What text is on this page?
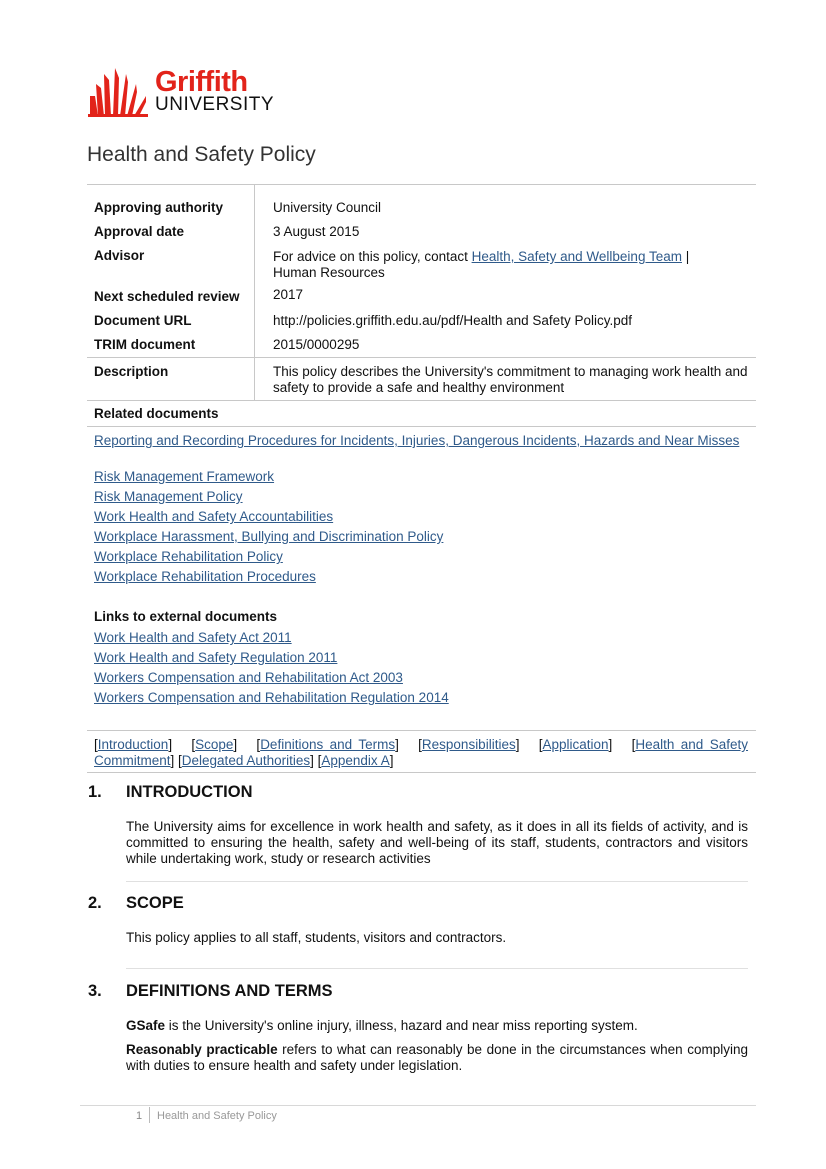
Griffith
UNIVERSITY
Health and Safety Policy
Approving authority	University Council
Approval date	3 August 2015
Advisor	For advice on this policy, contact Health, Safety and Wellbeing Team | Human Resources
Next scheduled review 2017
Document URL	http://policies.griffith.edu.au/pdf/Health and Safety Policy.pdf
TRIM document	2015/0000295
Description	This policy describes the University's commitment to managing work health and safety to provide a safe and healthy environment
Related documents
Reporting and Recording Procedures for Incidents, Injuries, Dangerous Incidents, Hazards and Near Misses
Risk Management Framework
Risk Management Policy
Work Health and Safety Accountabilities
Workplace Harassment, Bullying and Discrimination Policy
Workplace Rehabilitation Policy
Workplace Rehabilitation Procedures
Links to external documents
Work Health and Safety Act 2011
Work Health and Safety Regulation 2011
Workers Compensation and Rehabilitation Act 2003
Workers Compensation and Rehabilitation Regulation 2014
[Introduction]   [Scope]   [Definitions and Terms]   [Responsibilities]   [Application]   [Health and Safety Commitment] [Delegated Authorities] [Appendix A]
1. INTRODUCTION
The University aims for excellence in work health and safety, as it does in all its fields of activity, and is committed to ensuring the health, safety and well-being of its staff, students, contractors and visitors while undertaking work, study or research activities
2. SCOPE
This policy applies to all staff, students, visitors and contractors.
3. DEFINITIONS AND TERMS
GSafe is the University's online injury, illness, hazard and near miss reporting system.
Reasonably practicable refers to what can reasonably be done in the circumstances when complying with duties to ensure health and safety under legislation.
1 Health and Safety Policy
